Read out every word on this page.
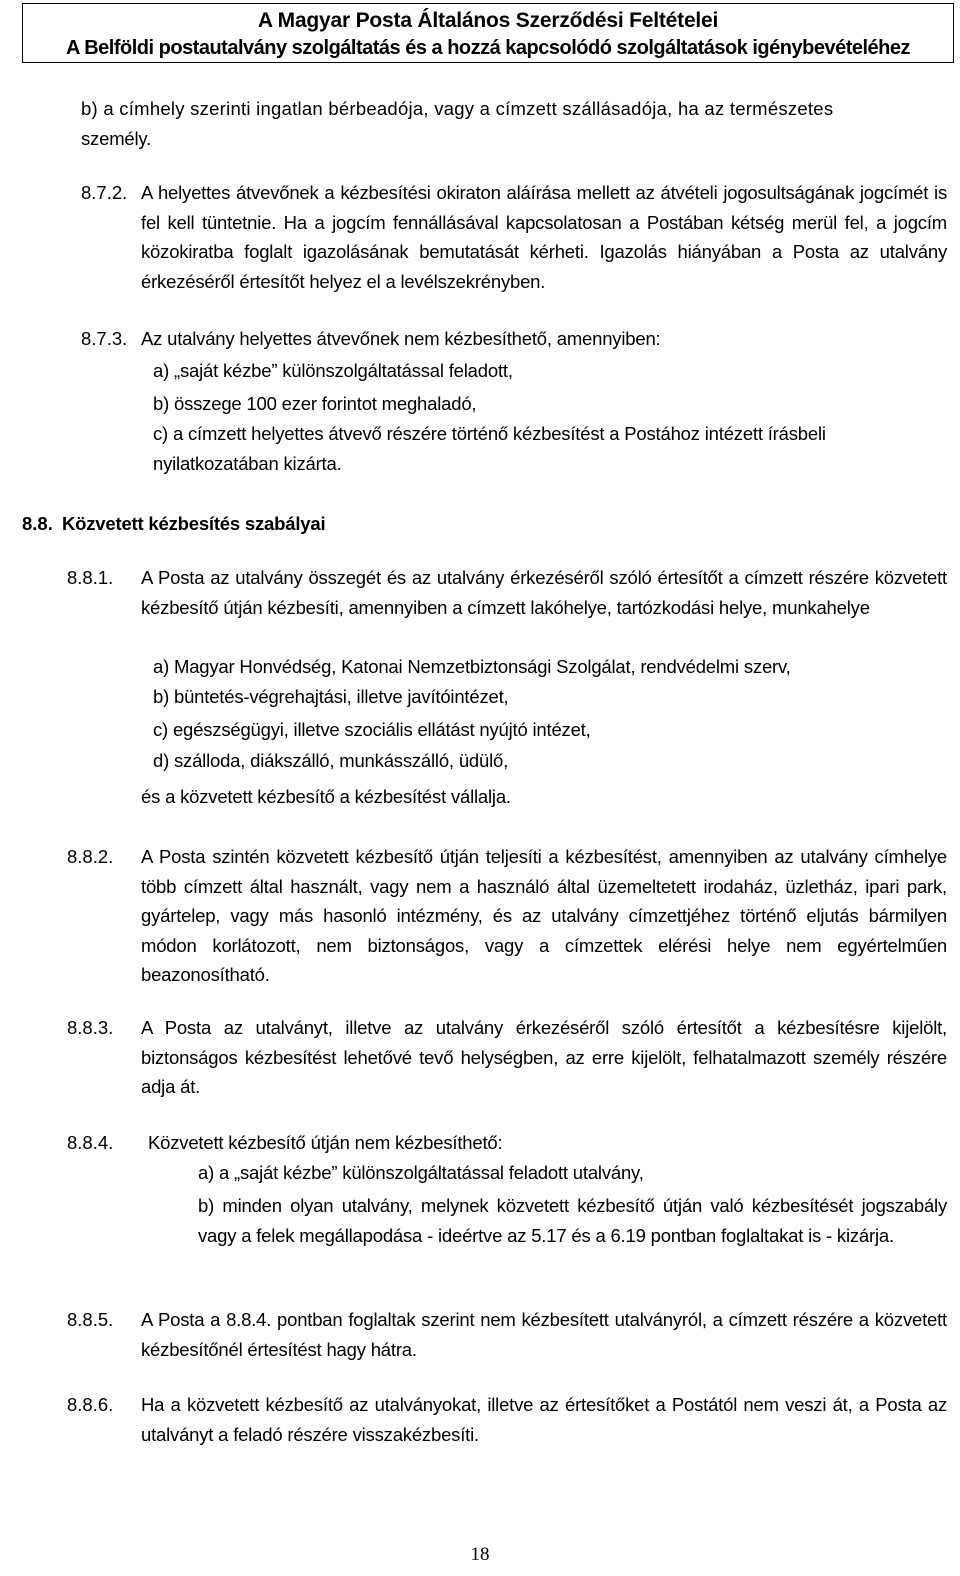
A Magyar Posta Általános Szerződési Feltételei
A Belföldi postautalvány szolgáltatás és a hozzá kapcsolódó szolgáltatások igénybevételéhez
b) a címhely szerinti ingatlan bérbeadója, vagy a címzett szállásadója, ha az természetes
személy.
8.7.2. A helyettes átvevőnek a kézbesítési okiraton aláírása mellett az átvételi jogosultságának jogcímét is fel kell tüntetnie. Ha a jogcím fennállásával kapcsolatosan a Postában kétség merül fel, a jogcím közokiratba foglalt igazolásának bemutatását kérheti. Igazolás hiányában a Posta az utalvány érkezéséről értesítőt helyez el a levélszekrényben.
8.7.3. Az utalvány helyettes átvevőnek nem kézbesíthető, amennyiben:
a) „saját kézbe” különszolgáltatással feladott,
b) összege 100 ezer forintot meghaladó,
c) a címzett helyettes átvevő részére történő kézbesítést a Postához intézett írásbeli nyilatkozatában kizárta.
8.8. Közvetett kézbesítés szabályai
8.8.1. A Posta az utalvány összegét és az utalvány érkezéséről szóló értesítőt a címzett részére közvetett kézbesítő útján kézbesíti, amennyiben a címzett lakóhelye, tartózkodási helye, munkahelye
a) Magyar Honvédség, Katonai Nemzetbiztonsági Szolgálat, rendvédelmi szerv,
b) büntetés-végrehajtási, illetve javítóintézet,
c) egészségügyi, illetve szociális ellátást nyújtó intézet,
d) szálloda, diákszálló, munkásszálló, üdülő,
és a közvetett kézbesítő a kézbesítést vállalja.
8.8.2. A Posta szintén közvetett kézbesítő útján teljesíti a kézbesítést, amennyiben az utalvány címhelye több címzett által használt, vagy nem a használó által üzemeltetett irodaház, üzletház, ipari park, gyártelep, vagy más hasonló intézmény, és az utalvány címzettjéhez történő eljutás bármilyen módon korlátozott, nem biztonságos, vagy a címzettek elérési helye nem egyértelműen beazonosítható.
8.8.3. A Posta az utalványt, illetve az utalvány érkezéséről szóló értesítőt a kézbesítésre kijelölt, biztonságos kézbesítést lehetővé tevő helységben, az erre kijelölt, felhatalmazott személy részére adja át.
8.8.4. Közvetett kézbesítő útján nem kézbesíthető:
a) a „saját kézbe” különszolgáltatással feladott utalvány,
b) minden olyan utalvány, melynek közvetett kézbesítő útján való kézbesítését jogszabály vagy a felek megállapodása - ideértve az 5.17 és a 6.19 pontban foglaltakat is - kizárja.
8.8.5. A Posta a 8.8.4. pontban foglaltak szerint nem kézbesített utalványról, a címzett részére a közvetett kézbesítőnél értesítést hagy hátra.
8.8.6. Ha a közvetett kézbesítő az utalványokat, illetve az értesítőket a Postától nem veszi át, a Posta az utalványt a feladó részére visszakézbesíti.
18
